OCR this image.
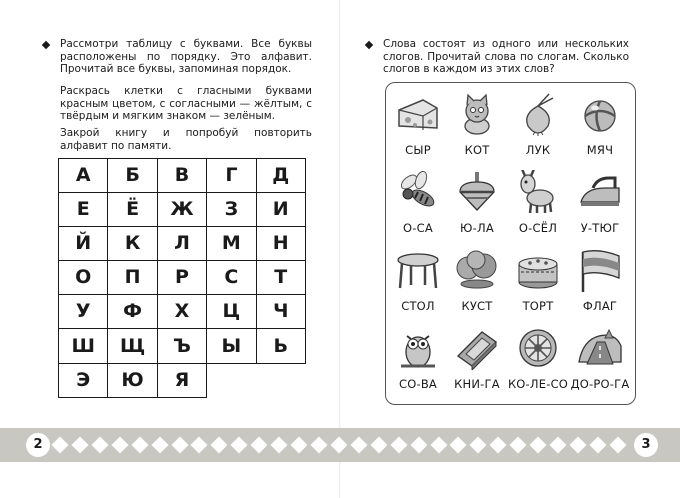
Рассмотри таблицу с буквами. Все буквы расположены по порядку. Это алфавит. Прочитай все буквы, запоминая порядок.

Раскрась клетки с гласными буквами красным цветом, с согласными — жёлтым, с твёрдым и мягким знаком — зелёным.

Закрой книгу и попробуй повторить алфавит по памяти.

А	Б	В	Г	Д
Е	Ё	Ж	З	И
Й	К	Л	М	Н
О	П	Р	С	Т
У	Ф	Х	Ц	Ч
Ш	Щ	Ъ	Ы	Ь
Э	Ю	Я		

Слова состоят из одного или нескольких слогов. Прочитай слова по слогам. Сколько слогов в каждом из этих слов?

СЫР	КОТ	ЛУК	МЯЧ
О-СА	Ю-ЛА	О-СЁЛ	У-ТЮГ
СТОЛ	КУСТ	ТОРТ	ФЛАГ
СО-ВА	КНИ-ГА КО-ЛЕ-СО ДО-РО-ГА
2	3
